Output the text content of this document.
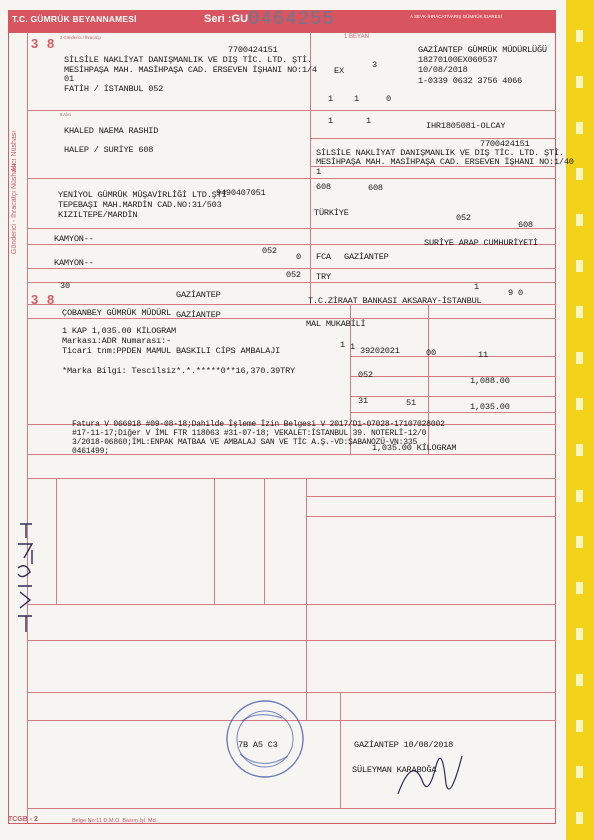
T.C. GÜMRÜK BEYANNAMESİ	Seri :GU 0464255	A SEVK-İHRACAT/VARIŞ GÜMRÜK İDARESİ
Gönderici - İhracatçı Nüshası
Alıcı Nüshası
3 8
3 8
2 Gönderici / İhracatçı	1 BEYAN
8 Alıcı
7700424151
SİLSİLE NAKLİYAT DANIŞMANLIK VE DIŞ TİC. LTD. ŞTİ.
MESİHPAŞA MAH. MASİHPAŞA CAD. ERSEVEN İŞHANI NO:1/4
01
FATİH / İSTANBUL 052
GAZİANTEP GÜMRÜK MÜDÜRLÜĞÜ
18270100EX060537
10/08/2018
1-0339 0632 3756 4066
EX
3
1 1	0
1	1	IHR1805081-OLCAY
KHALED NAEMA RASHID
HALEP / SURİYE 608
7700424151
SİLSİLE NAKLİYAT DANIŞMANLIK VE DIŞ TİC. LTD. ŞTİ.
MESİHPAŞA MAH. MASİHPAŞA CAD. ERSEVEN İŞHANI NO:1/40
1
9490407051
YENİYOL GÜMRÜK MÜŞAVİRLİĞİ LTD.ŞTİ
TEPEBAŞI MAH.MARDİN CAD.NO:31/503
KIZILTEPE/MARDİN
608	608
TÜRKİYE	052
608
SURİYE ARAP CUMHURİYETİ
KAMYON--
052
0 FCA GAZİANTEP
KAMYON--
052 TRY
1
9 0
30
GAZİANTEP
T.C.ZİRAAT BANKASI AKSARAY-İSTANBUL
ÇOBANBEY GÜMRÜK MÜDÜRL GAZİANTEP
1 KAP 1,035.00 KİLOGRAM
Markası:ADR Numarası:-
Ticari tnm:PPDEN MAMUL BASKILI CİPS AMBALAJI
*Marka Bilgi: Tescilsiz*.*.*****0**16,370.39TRY
MAL MUKABİLİ
1 1 39202021	00	11
052
1,088.00
31	51	1,035.00
Fatura V 066918 #09-08-18;Dahilde İşleme İzin Belgesi V 2017/D1-07028-17107028002
#17-11-17;Diğer V İML FTR 118063 #31-07-18; VEKALET:İSTANBUL 39. NOTERLİ-12/0
3/2018-06860;İML:ENPAK MATBAA VE AMBALAJ SAN VE TİC A.Ş.-VD:ŞABANOZÜ-VN:335
0461499;	1,035.00 KİLOGRAM
GAZİANTEP 10/08/2018
SÜLEYMAN KARABOĞA
7B A5 C3
TCGB - 2	Belge No:11 D.M.O. Basım İşl. Md.
